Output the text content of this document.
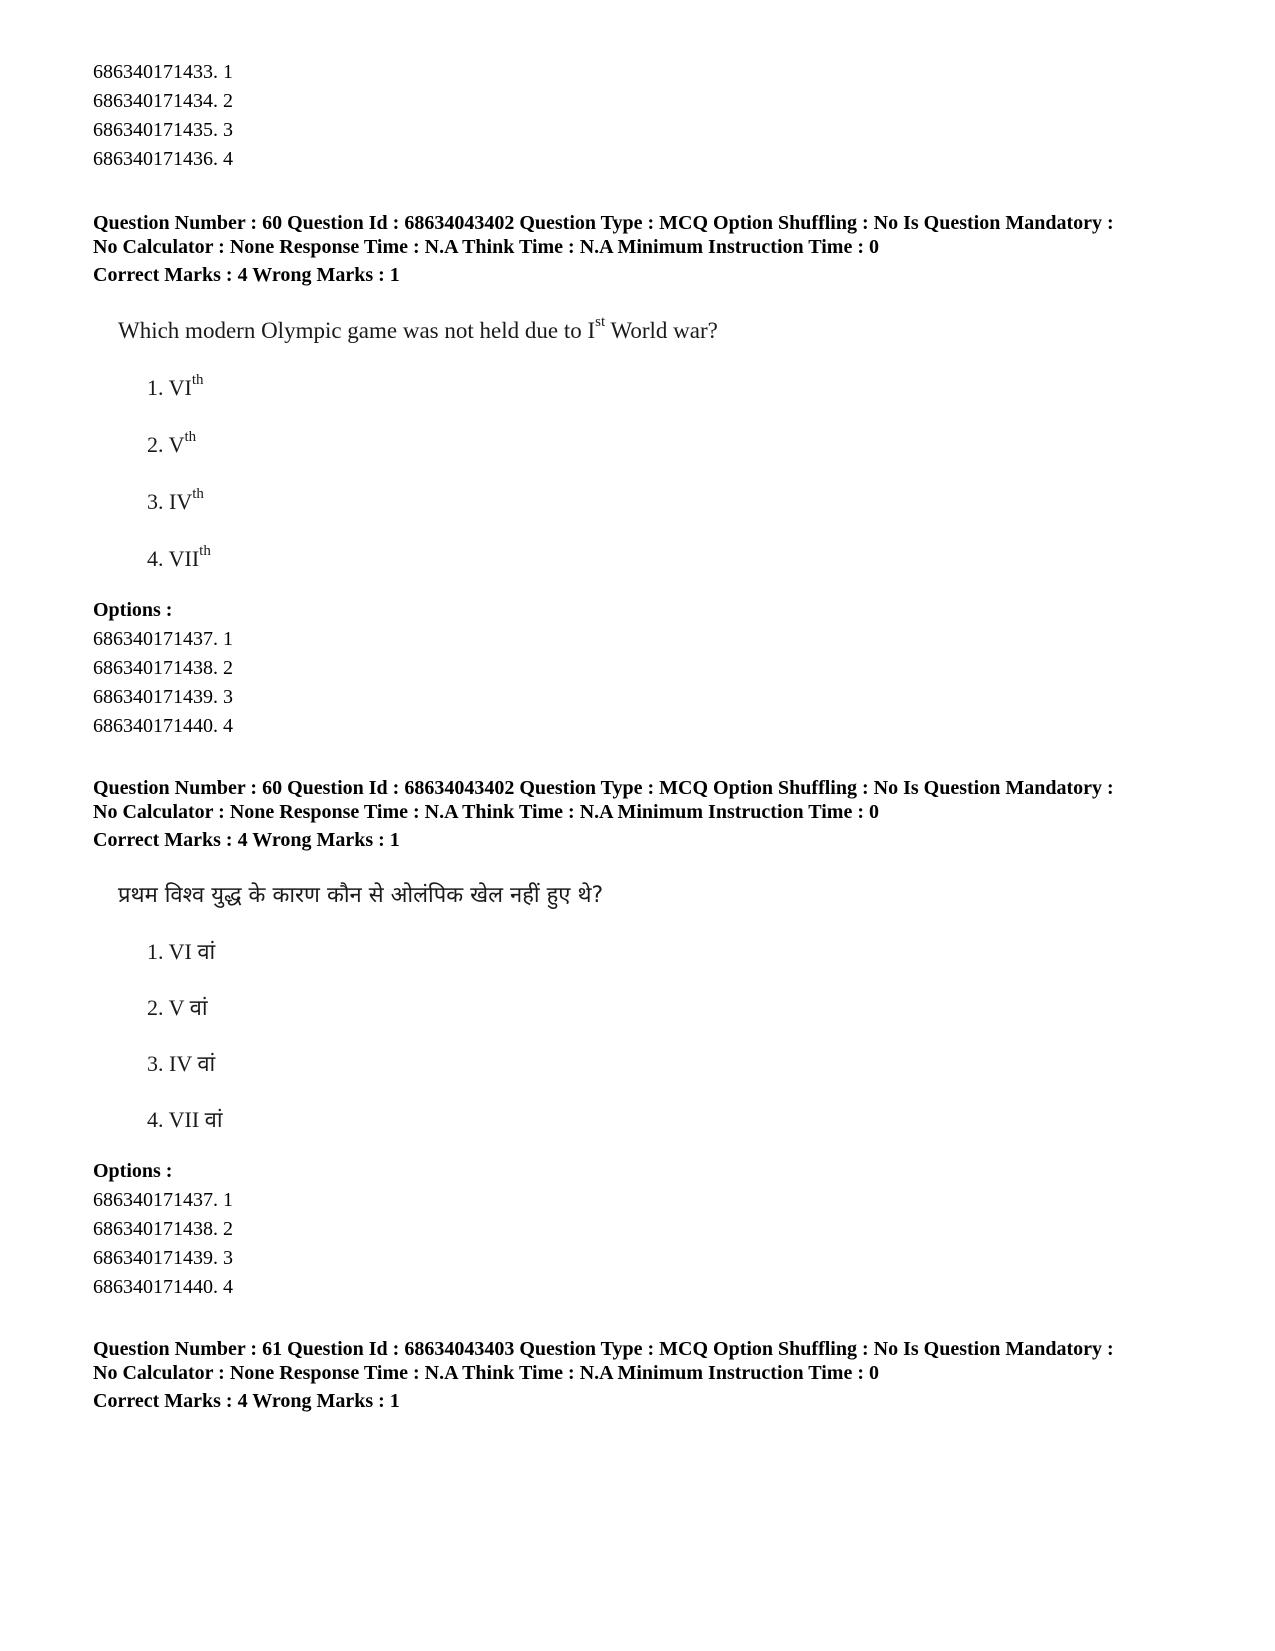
686340171433. 1
686340171434. 2
686340171435. 3
686340171436. 4
Question Number : 60 Question Id : 68634043402 Question Type : MCQ Option Shuffling : No Is Question Mandatory :
No Calculator : None Response Time : N.A Think Time : N.A Minimum Instruction Time : 0
Correct Marks : 4 Wrong Marks : 1
Which modern Olympic game was not held due to Ist World war?
1. VIth
2. Vth
3. IVth
4. VIIth
Options :
686340171437. 1
686340171438. 2
686340171439. 3
686340171440. 4
Question Number : 60 Question Id : 68634043402 Question Type : MCQ Option Shuffling : No Is Question Mandatory :
No Calculator : None Response Time : N.A Think Time : N.A Minimum Instruction Time : 0
Correct Marks : 4 Wrong Marks : 1
प्रथम विश्व युद्ध के कारण कौन से ओलंपिक खेल नहीं हुए थे?
1. VI वां
2. V वां
3. IV वां
4. VII वां
Options :
686340171437. 1
686340171438. 2
686340171439. 3
686340171440. 4
Question Number : 61 Question Id : 68634043403 Question Type : MCQ Option Shuffling : No Is Question Mandatory :
No Calculator : None Response Time : N.A Think Time : N.A Minimum Instruction Time : 0
Correct Marks : 4 Wrong Marks : 1
